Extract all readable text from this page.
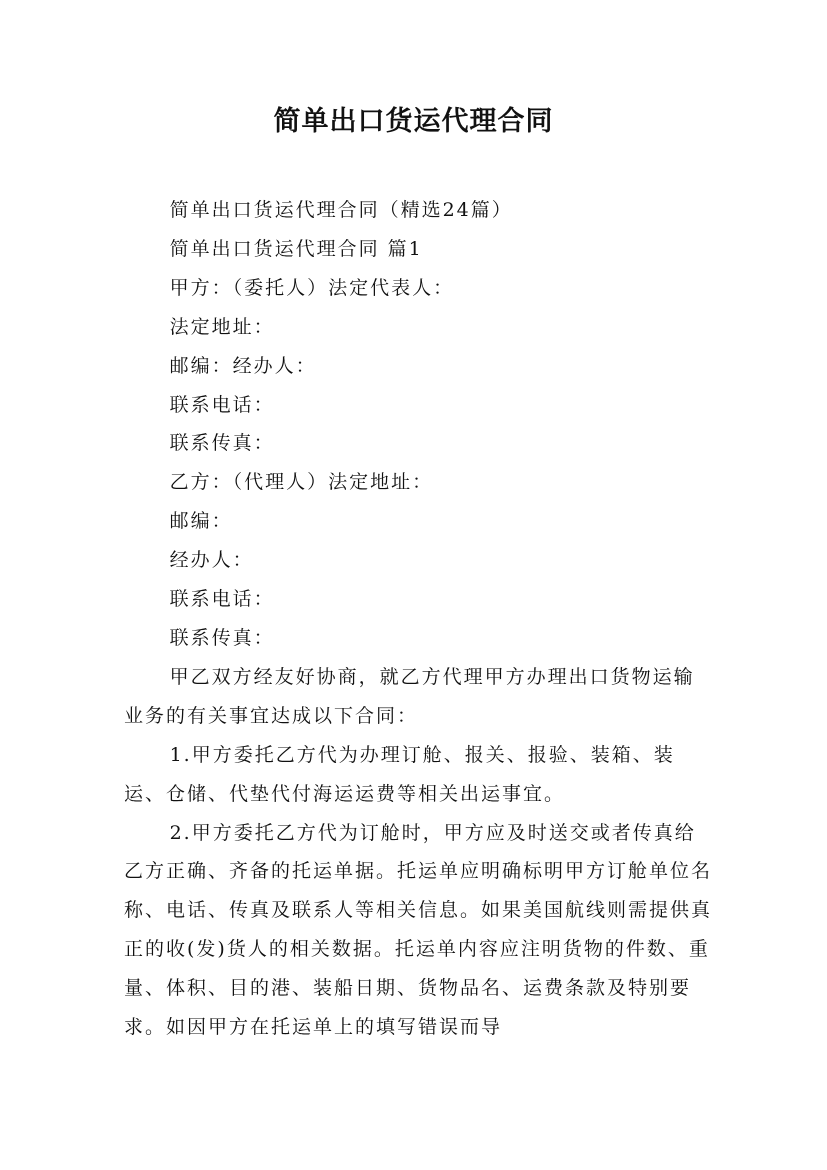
简单出口货运代理合同

简单出口货运代理合同（精选24篇）

简单出口货运代理合同 篇1

甲方：（委托人）法定代表人：

法定地址：

邮编：经办人：

联系电话：

联系传真：

乙方：（代理人）法定地址：

邮编：

经办人：

联系电话：

联系传真：

甲乙双方经友好协商，就乙方代理甲方办理出口货物运输业务的有关事宜达成以下合同：

1.甲方委托乙方代为办理订舱、报关、报验、装箱、装运、仓储、代垫代付海运运费等相关出运事宜。

2.甲方委托乙方代为订舱时，甲方应及时送交或者传真给乙方正确、齐备的托运单据。托运单应明确标明甲方订舱单位名称、电话、传真及联系人等相关信息。如果美国航线则需提供真正的收(发)货人的相关数据。托运单内容应注明货物的件数、重量、体积、目的港、装船日期、货物品名、运费条款及特别要求。如因甲方在托运单上的填写错误而导
